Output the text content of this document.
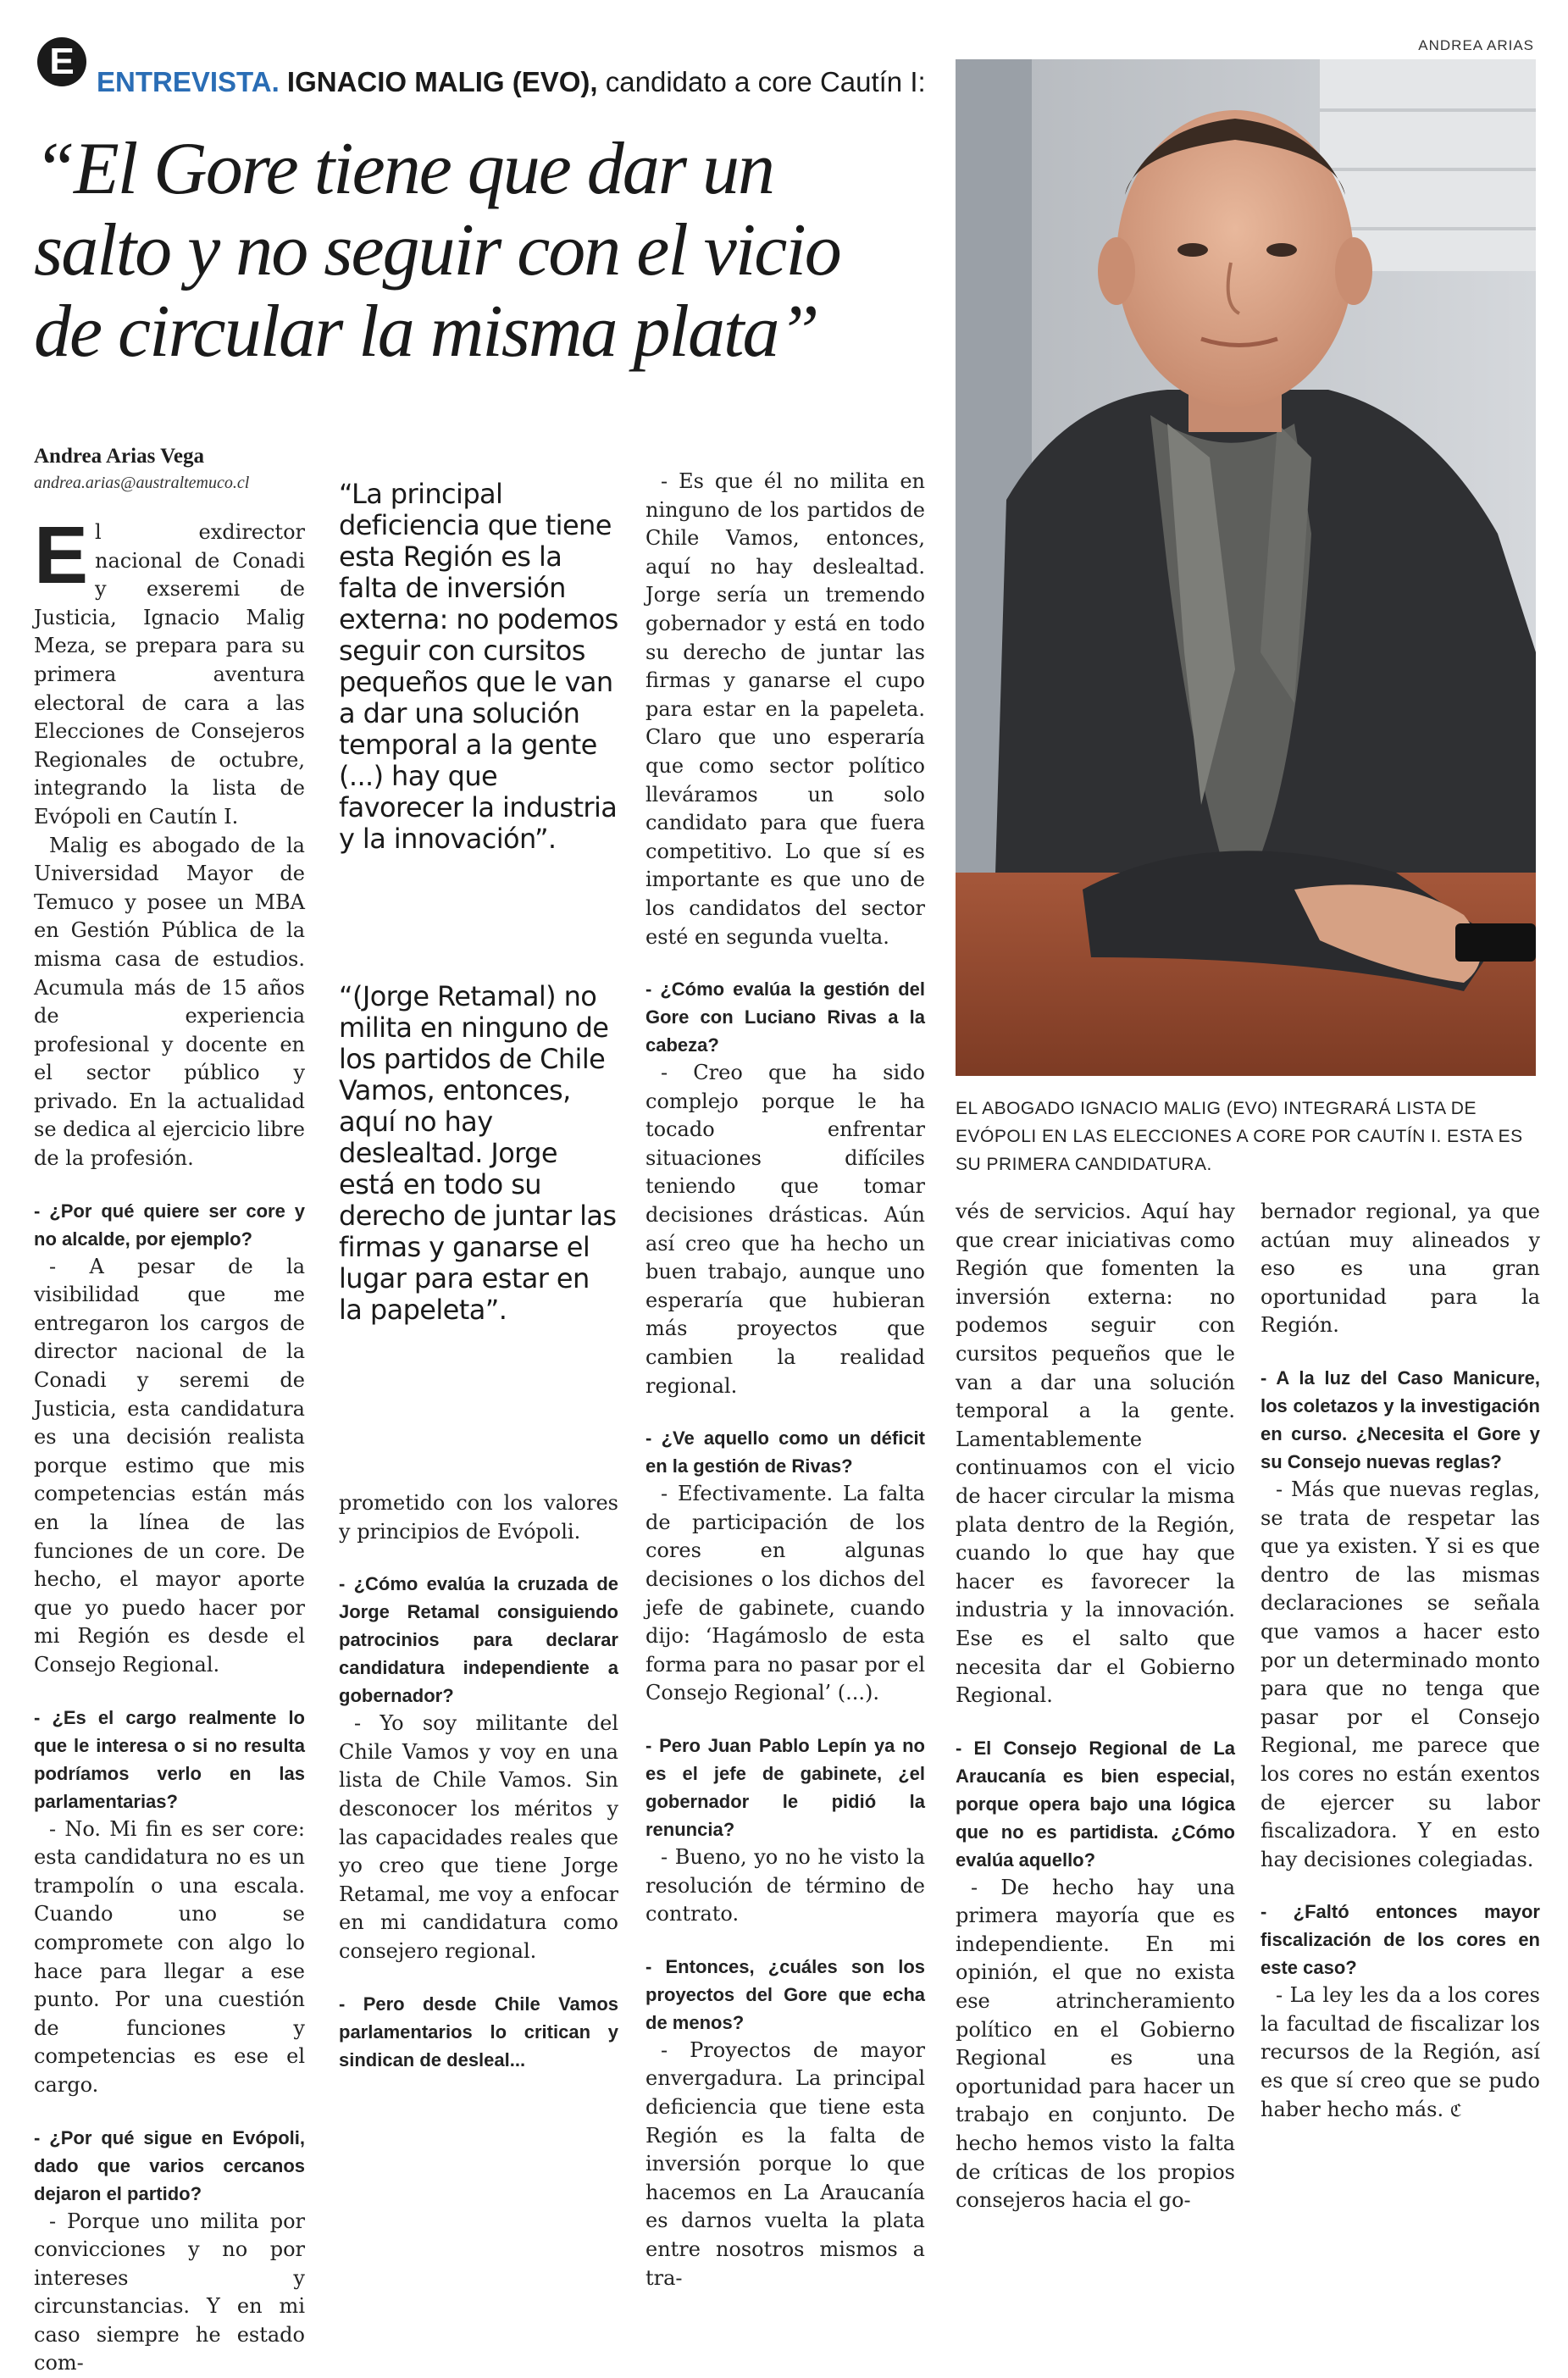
E ENTREVISTA. IGNACIO MALIG (EVO), candidato a core Cautín I:
“El Gore tiene que dar un
salto y no seguir con el vicio
de circular la misma plata”
ANDREA ARIAS
EL ABOGADO IGNACIO MALIG (EVO) INTEGRARÁ LISTA DE EVÓPOLI EN LAS ELECCIONES A CORE POR CAUTÍN I. ESTA ES SU PRIMERA CANDIDATURA.
Andrea Arias Vega
andrea.arias@australtemuco.cl

El exdirector nacional de Conadi y exseremi de Justicia, Ignacio Malig Meza, se prepara para su primera aventura electoral de cara a las Elecciones de Consejeros Regionales de octubre, integrando la lista de Evópoli en Cautín I.

Malig es abogado de la Universidad Mayor de Temuco y posee un MBA en Gestión Pública de la misma casa de estudios. Acumula más de 15 años de experiencia profesional y docente en el sector público y privado. En la actualidad se dedica al ejercicio libre de la profesión.

- ¿Por qué quiere ser core y no alcalde, por ejemplo?

- A pesar de la visibilidad que me entregaron los cargos de director nacional de la Conadi y seremi de Justicia, esta candidatura es una decisión realista porque estimo que mis competencias están más en la línea de las funciones de un core. De hecho, el mayor aporte que yo puedo hacer por mi Región es desde el Consejo Regional.

- ¿Es el cargo realmente lo que le interesa o si no resulta podríamos verlo en las parlamentarias?

- No. Mi fin es ser core: esta candidatura no es un trampolín o una escala. Cuando uno se compromete con algo lo hace para llegar a ese punto. Por una cuestión de funciones y competencias es ese el cargo.

- ¿Por qué sigue en Evópoli, dado que varios cercanos dejaron el partido?

- Porque uno milita por convicciones y no por intereses y circunstancias. Y en mi caso siempre he estado com-

“La principal deficiencia que tiene esta Región es la falta de inversión externa: no podemos seguir con cursitos pequeños que le van a dar una solución temporal a la gente (...) hay que favorecer la industria y la innovación”.
“(Jorge Retamal) no milita en ninguno de los partidos de Chile Vamos, entonces, aquí no hay deslealtad. Jorge está en todo su derecho de juntar las firmas y ganarse el lugar para estar en la papeleta”.

prometido con los valores y principios de Evópoli.

- ¿Cómo evalúa la cruzada de Jorge Retamal consiguiendo patrocinios para declarar candidatura independiente a gobernador?

- Yo soy militante del Chile Vamos y voy en una lista de Chile Vamos. Sin desconocer los méritos y las capacidades reales que yo creo que tiene Jorge Retamal, me voy a enfocar en mi candidatura como consejero regional.

- Pero desde Chile Vamos parlamentarios lo critican y sindican de desleal...

- Es que él no milita en ninguno de los partidos de Chile Vamos, entonces, aquí no hay deslealtad. Jorge sería un tremendo gobernador y está en todo su derecho de juntar las firmas y ganarse el cupo para estar en la papeleta. Claro que uno esperaría que como sector político lleváramos un solo candidato para que fuera competitivo. Lo que sí es importante es que uno de los candidatos del sector esté en segunda vuelta.

- ¿Cómo evalúa la gestión del Gore con Luciano Rivas a la cabeza?

- Creo que ha sido complejo porque le ha tocado enfrentar situaciones difíciles teniendo que tomar decisiones drásticas. Aún así creo que ha hecho un buen trabajo, aunque uno esperaría que hubieran más proyectos que cambien la realidad regional.

- ¿Ve aquello como un déficit en la gestión de Rivas?

- Efectivamente. La falta de participación de los cores en algunas decisiones o los dichos del jefe de gabinete, cuando dijo: ‘Hagámoslo de esta forma para no pasar por el Consejo Regional’ (...).

- Pero Juan Pablo Lepín ya no es el jefe de gabinete, ¿el gobernador le pidió la renuncia?

- Bueno, yo no he visto la resolución de término de contrato.

- Entonces, ¿cuáles son los proyectos del Gore que echa de menos?

- Proyectos de mayor envergadura. La principal deficiencia que tiene esta Región es la falta de inversión porque lo que hacemos en La Araucanía es darnos vuelta la plata entre nosotros mismos a tra-

vés de servicios. Aquí hay que crear iniciativas como Región que fomenten la inversión externa: no podemos seguir con cursitos pequeños que le van a dar una solución temporal a la gente. Lamentablemente continuamos con el vicio de hacer circular la misma plata dentro de la Región, cuando lo que hay que hacer es favorecer la industria y la innovación. Ese es el salto que necesita dar el Gobierno Regional.

- El Consejo Regional de La Araucanía es bien especial, porque opera bajo una lógica que no es partidista. ¿Cómo evalúa aquello?

- De hecho hay una primera mayoría que es independiente. En mi opinión, el que no exista ese atrincheramiento político en el Gobierno Regional es una oportunidad para hacer un trabajo en conjunto. De hecho hemos visto la falta de críticas de los propios consejeros hacia el go-

bernador regional, ya que actúan muy alineados y eso es una gran oportunidad para la Región.

- A la luz del Caso Manicure, los coletazos y la investigación en curso. ¿Necesita el Gore y su Consejo nuevas reglas?

- Más que nuevas reglas, se trata de respetar las que ya existen. Y si es que dentro de las mismas declaraciones se señala que vamos a hacer esto por un determinado monto para que no tenga que pasar por el Consejo Regional, me parece que los cores no están exentos de ejercer su labor fiscalizadora. Y en esto hay decisiones colegiadas.

- ¿Faltó entonces mayor fiscalización de los cores en este caso?

- La ley les da a los cores la facultad de fiscalizar los recursos de la Región, así es que sí creo que se pudo haber hecho más. ℭ
